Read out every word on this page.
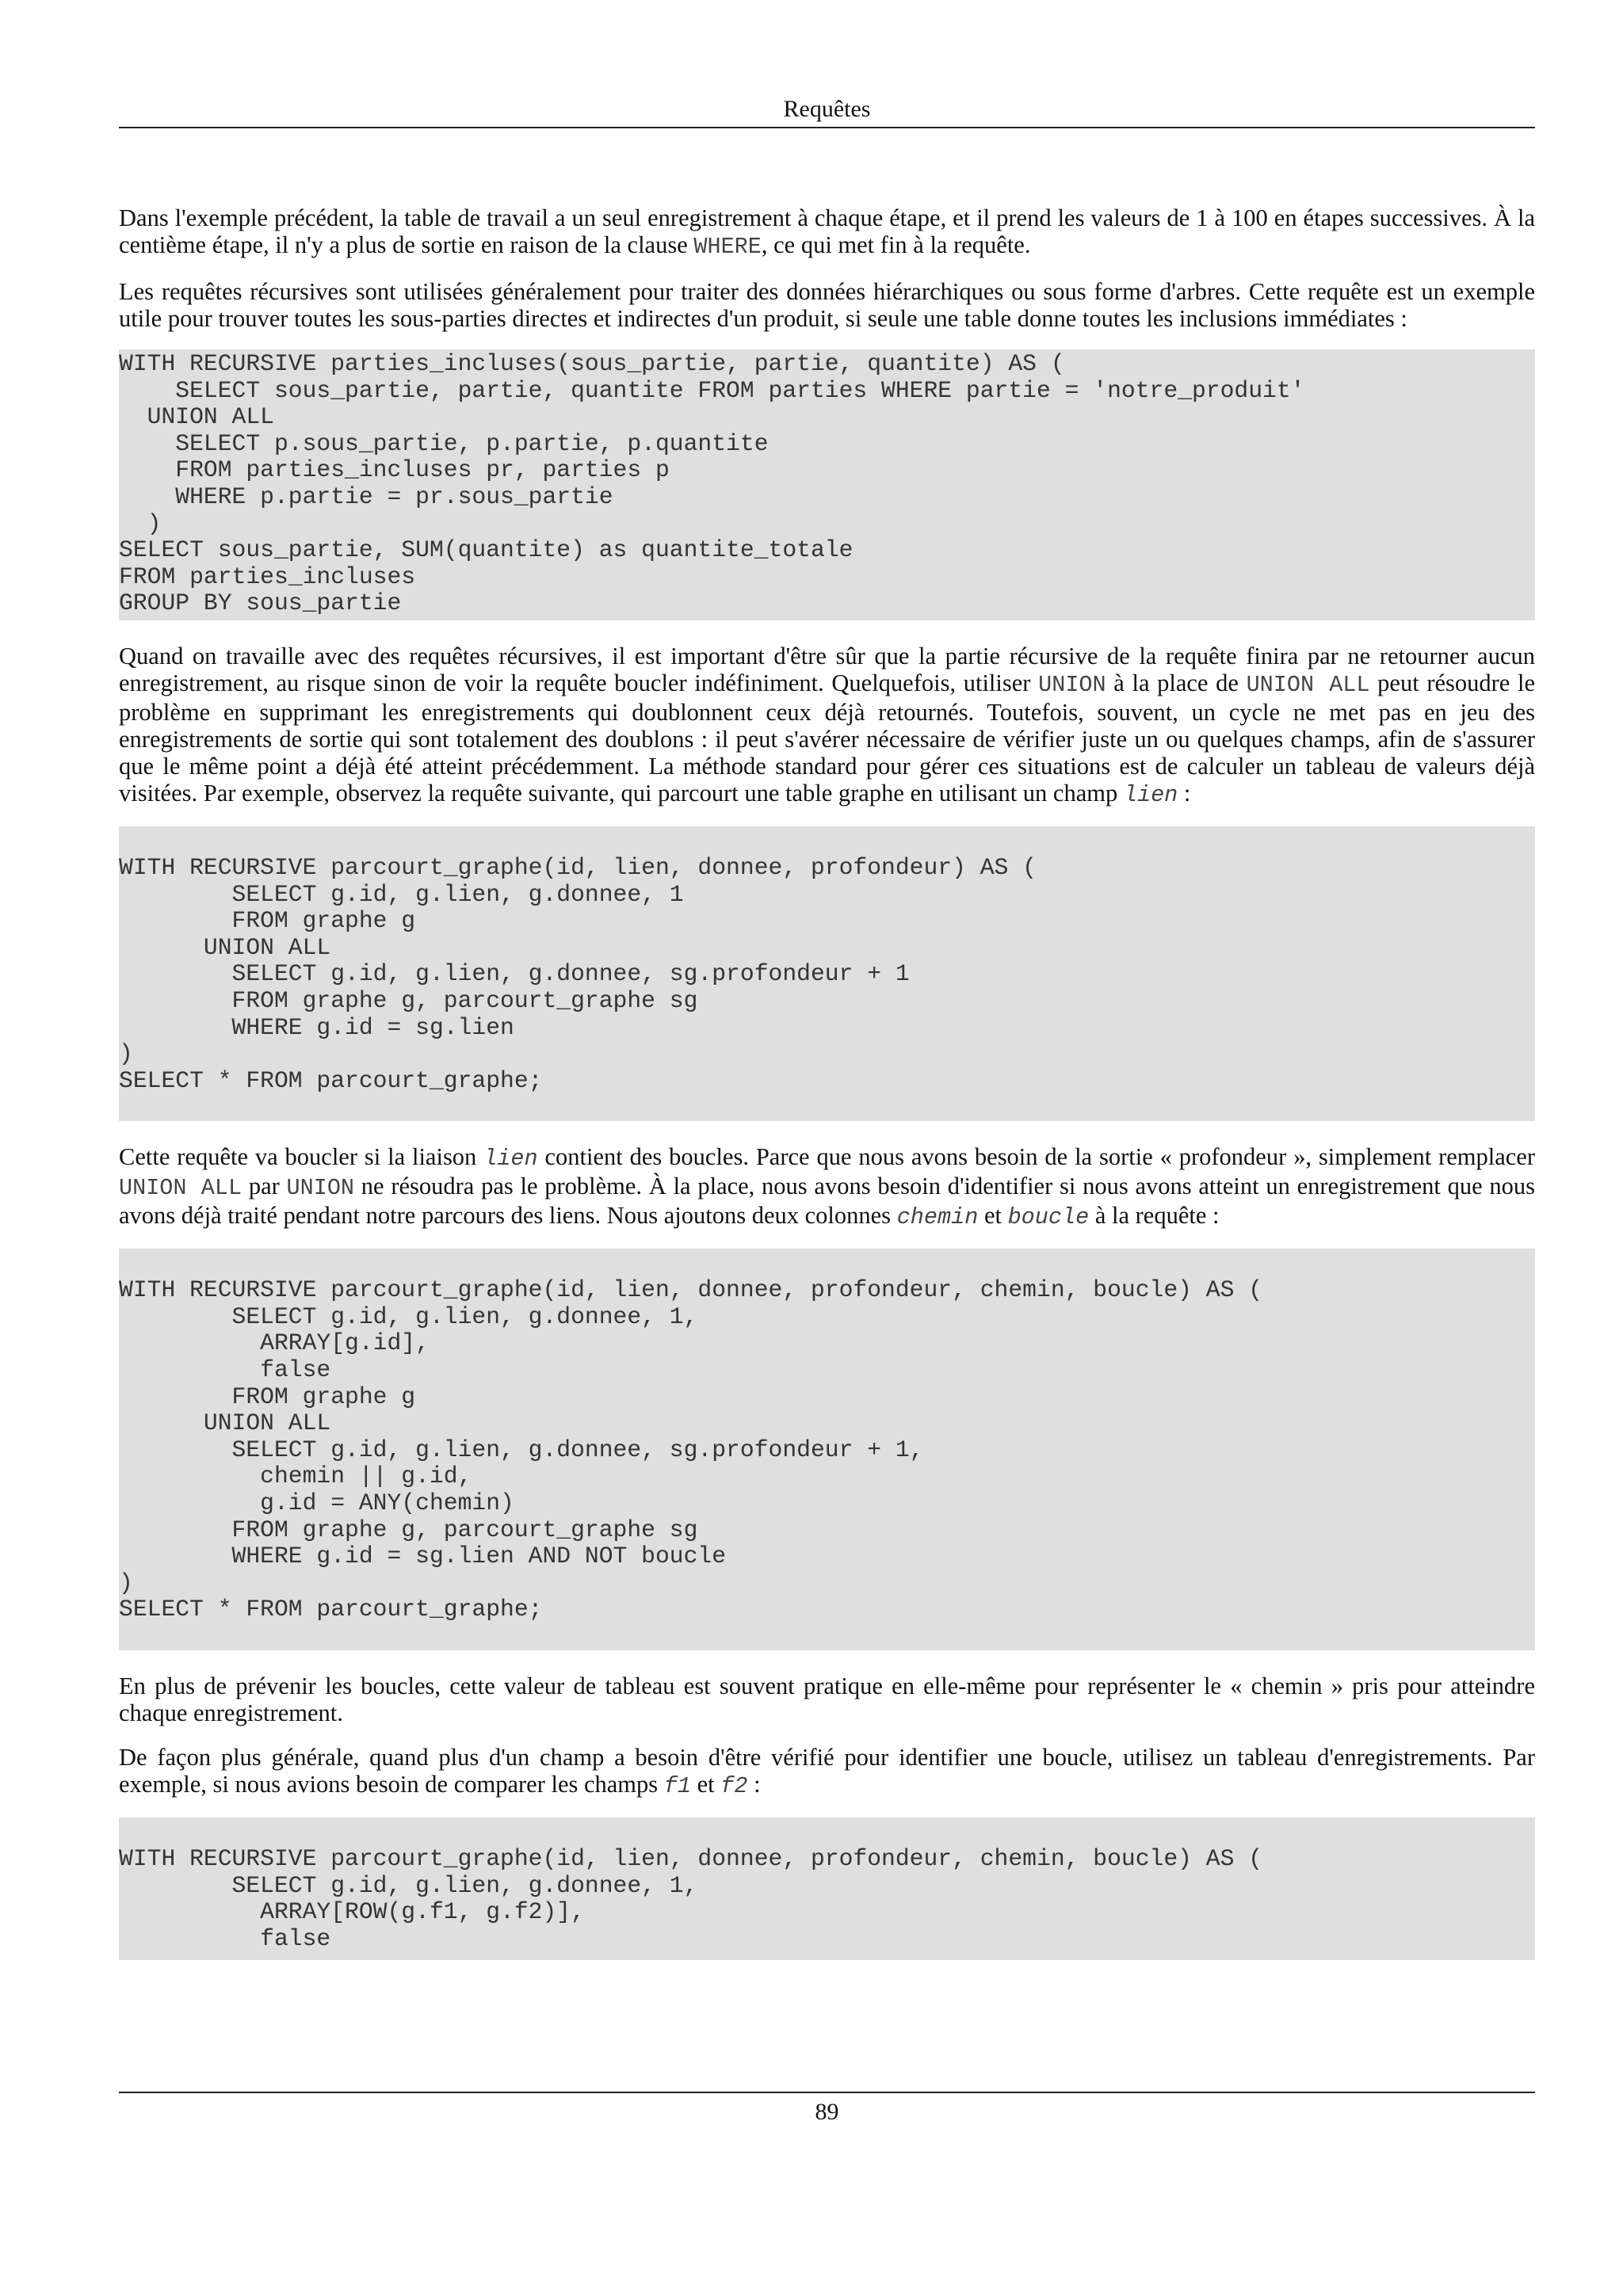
Requêtes

Dans l'exemple précédent, la table de travail a un seul enregistrement à chaque étape, et il prend les valeurs de 1 à 100 en étapes successives. À la centième étape, il n'y a plus de sortie en raison de la clause WHERE, ce qui met fin à la requête.

Les requêtes récursives sont utilisées généralement pour traiter des données hiérarchiques ou sous forme d'arbres. Cette requête est un exemple utile pour trouver toutes les sous-parties directes et indirectes d'un produit, si seule une table donne toutes les inclusions immédiates :

WITH RECURSIVE parties_incluses(sous_partie, partie, quantite) AS (
SELECT sous_partie, partie, quantite FROM parties WHERE partie = 'notre_produit'
UNION ALL
SELECT p.sous_partie, p.partie, p.quantite
FROM parties_incluses pr, parties p
WHERE p.partie = pr.sous_partie
)
SELECT sous_partie, SUM(quantite) as quantite_totale
FROM parties_incluses
GROUP BY sous_partie

Quand on travaille avec des requêtes récursives, il est important d'être sûr que la partie récursive de la requête finira par ne retourner aucun enregistrement, au risque sinon de voir la requête boucler indéfiniment. Quelquefois, utiliser UNION à la place de UNION ALL peut résoudre le problème en supprimant les enregistrements qui doublonnent ceux déjà retournés. Toutefois, souvent, un cycle ne met pas en jeu des enregistrements de sortie qui sont totalement des doublons : il peut s'avérer nécessaire de vérifier juste un ou quelques champs, afin de s'assurer que le même point a déjà été atteint précédemment. La méthode standard pour gérer ces situations est de calculer un tableau de valeurs déjà visitées. Par exemple, observez la requête suivante, qui parcourt une table graphe en utilisant un champ lien :

WITH RECURSIVE parcourt_graphe(id, lien, donnee, profondeur) AS (
SELECT g.id, g.lien, g.donnee, 1
FROM graphe g
UNION ALL
SELECT g.id, g.lien, g.donnee, sg.profondeur + 1
FROM graphe g, parcourt_graphe sg
WHERE g.id = sg.lien
)
SELECT * FROM parcourt_graphe;

Cette requête va boucler si la liaison lien contient des boucles. Parce que nous avons besoin de la sortie « profondeur », simplement remplacer UNION ALL par UNION ne résoudra pas le problème. À la place, nous avons besoin d'identifier si nous avons atteint un enregistrement que nous avons déjà traité pendant notre parcours des liens. Nous ajoutons deux colonnes chemin et boucle à la requête :

WITH RECURSIVE parcourt_graphe(id, lien, donnee, profondeur, chemin, boucle) AS (
SELECT g.id, g.lien, g.donnee, 1,
ARRAY[g.id],
false
FROM graphe g
UNION ALL
SELECT g.id, g.lien, g.donnee, sg.profondeur + 1,
chemin || g.id,
g.id = ANY(chemin)
FROM graphe g, parcourt_graphe sg
WHERE g.id = sg.lien AND NOT boucle
)
SELECT * FROM parcourt_graphe;

En plus de prévenir les boucles, cette valeur de tableau est souvent pratique en elle-même pour représenter le « chemin » pris pour atteindre chaque enregistrement.

De façon plus générale, quand plus d'un champ a besoin d'être vérifié pour identifier une boucle, utilisez un tableau d'enregistrements. Par exemple, si nous avions besoin de comparer les champs f1 et f2 :

WITH RECURSIVE parcourt_graphe(id, lien, donnee, profondeur, chemin, boucle) AS (
SELECT g.id, g.lien, g.donnee, 1,
ARRAY[ROW(g.f1, g.f2)],
false
89
